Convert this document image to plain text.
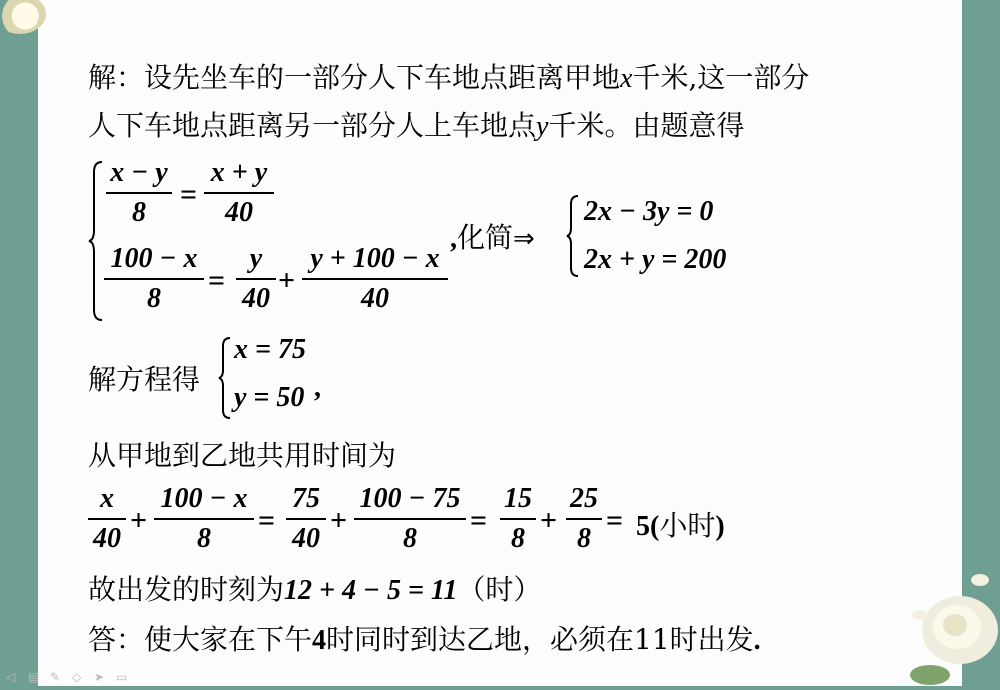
解：设先坐车的一部分人下车地点距离甲地x千米,这一部分
人下车地点距离另一部分人上车地点y千米。由题意得
x − y
8
=
x + y
40
100 − x
8
=
y
40
+
y + 100 − x
40
,化简⇒
2x − 3y = 0
2x + y = 200
解方程得
x = 75
y = 50 ,
从甲地到乙地共用时间为
x
40
+
100 − x
8
=
75
40
+
100 − 75
8
=
15
8
+
25
8
= 5(小时)
故出发的时刻为12 + 4 − 5 = 11（时）
答：使大家在下午4时同时到达乙地，必须在11时出发.
◁	▤ ✎ ◇	➤ ▭
